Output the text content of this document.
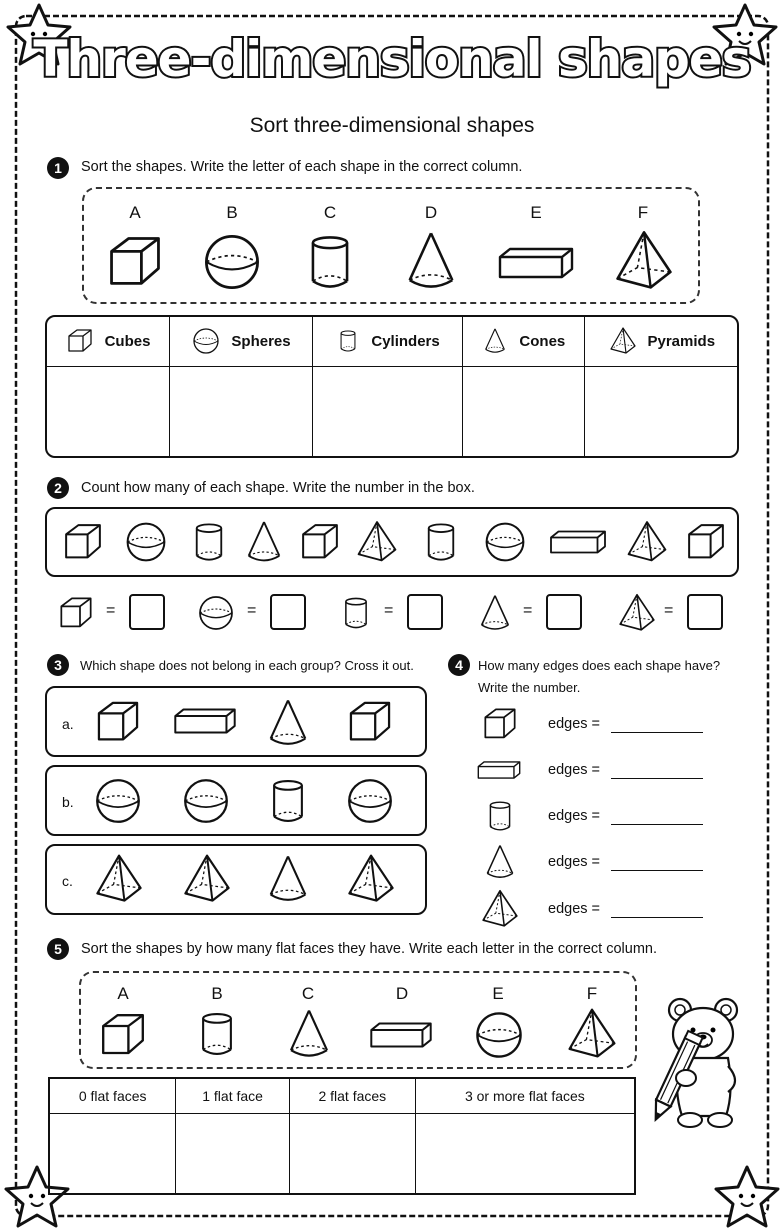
Three-dimensional shapes
Sort three-dimensional shapes
1	Sort the shapes. Write the letter of each shape in the correct column.
A	B	C	D	E	F
Cubes	Spheres	Cylinders	Cones	Pyramids

2	Count how many of each shape. Write the number in the box.
=	=	=	=	=
3	Which shape does not belong in each group? Cross it out.
a.
b.
c.
4	How many edges does each shape have?
Write the number.
edges =
edges =
edges =
edges =
edges =
5	Sort the shapes by how many flat faces they have. Write each letter in the correct column.
A	B	C	D	E	F
0 flat faces	1 flat face	2 flat faces	3 or more flat faces
